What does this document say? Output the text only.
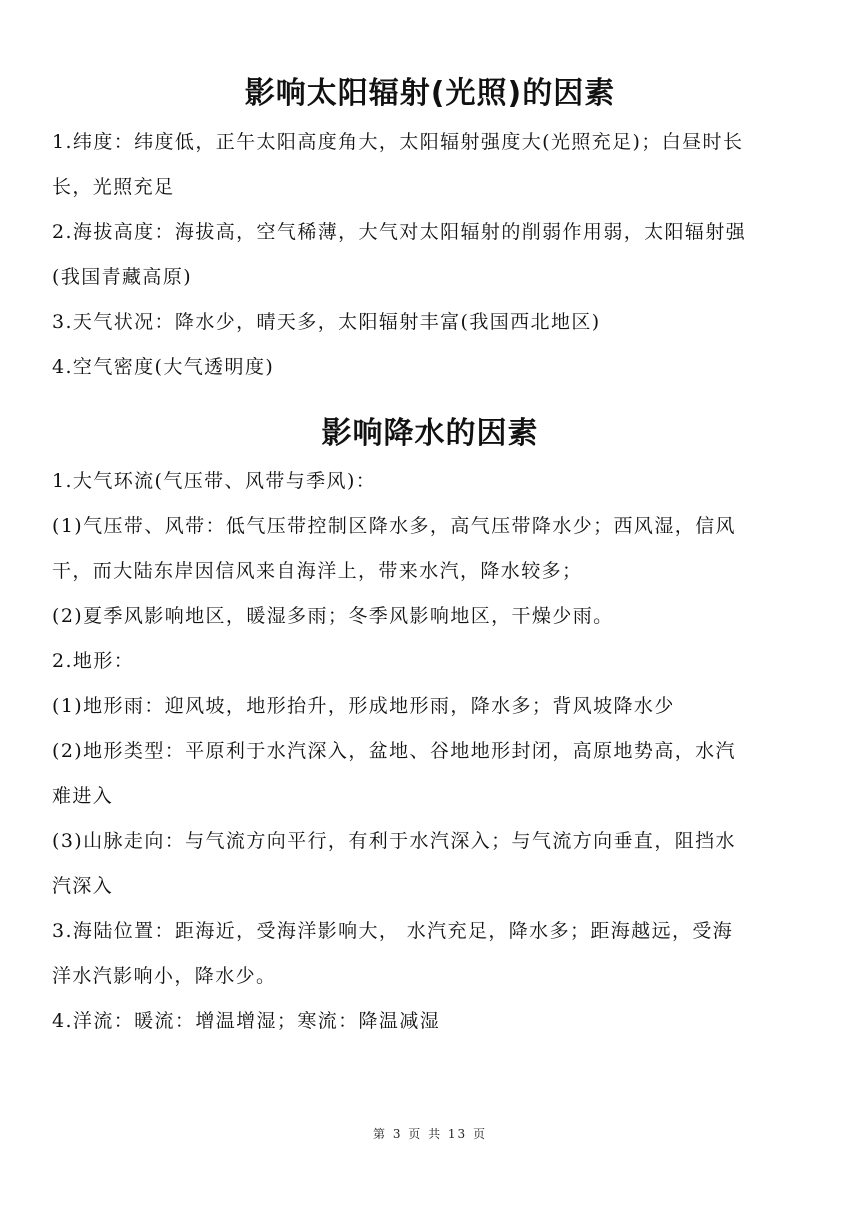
影响太阳辐射(光照)的因素
1.纬度：纬度低，正午太阳高度角大，太阳辐射强度大(光照充足)；白昼时长
长，光照充足
2.海拔高度：海拔高，空气稀薄，大气对太阳辐射的削弱作用弱，太阳辐射强
(我国青藏高原)
3.天气状况：降水少，晴天多，太阳辐射丰富(我国西北地区)
4.空气密度(大气透明度)
影响降水的因素
1.大气环流(气压带、风带与季风)：
(1)气压带、风带：低气压带控制区降水多，高气压带降水少；西风湿，信风
干，而大陆东岸因信风来自海洋上，带来水汽，降水较多；
(2)夏季风影响地区，暖湿多雨；冬季风影响地区，干燥少雨。
2.地形：
(1)地形雨：迎风坡，地形抬升，形成地形雨，降水多；背风坡降水少
(2)地形类型：平原利于水汽深入，盆地、谷地地形封闭，高原地势高，水汽
难进入
(3)山脉走向：与气流方向平行，有利于水汽深入；与气流方向垂直，阻挡水
汽深入
3.海陆位置：距海近，受海洋影响大， 水汽充足，降水多；距海越远，受海
洋水汽影响小，降水少。
4.洋流：暖流：增温增湿；寒流：降温减湿
第 3 页 共 13 页
